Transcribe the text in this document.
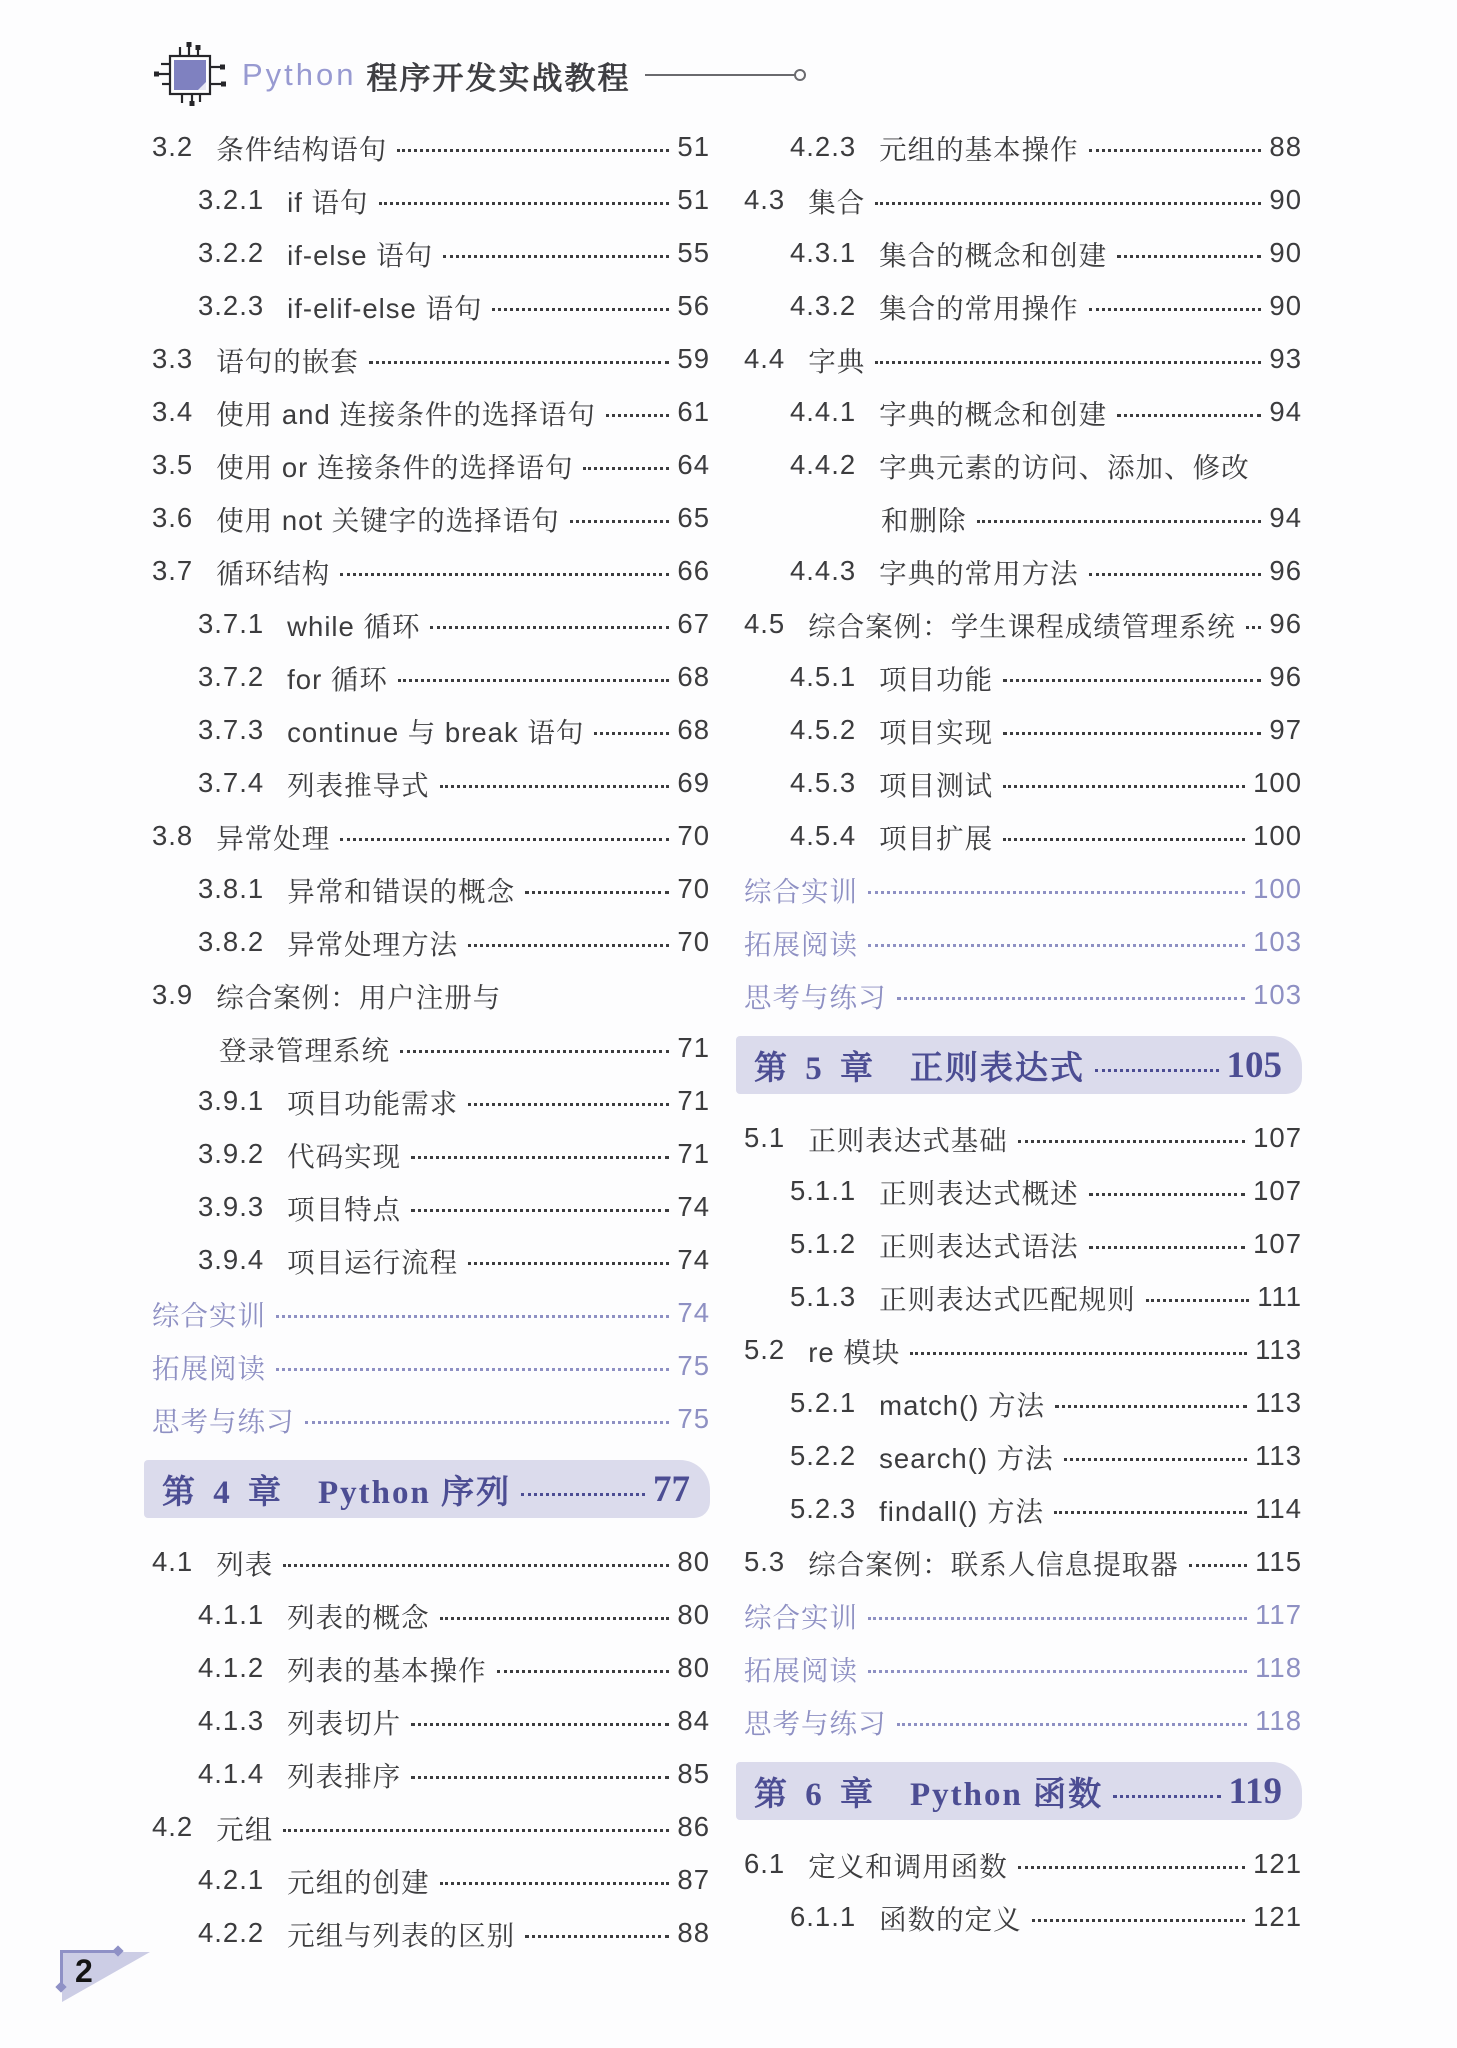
Python 程序开发实战教程
3.2 条件结构语句	51
3.2.1 if 语句	51
3.2.2 if-else 语句	55
3.2.3 if-elif-else 语句	56
3.3 语句的嵌套	59
3.4 使用 and 连接条件的选择语句	61
3.5 使用 or 连接条件的选择语句	64
3.6 使用 not 关键字的选择语句	65
3.7 循环结构	66
3.7.1 while 循环	67
3.7.2 for 循环	68
3.7.3 continue 与 break 语句	68
3.7.4 列表推导式	69
3.8 异常处理	70
3.8.1 异常和错误的概念	70
3.8.2 异常处理方法	70
3.9 综合案例：用户注册与
登录管理系统	71
3.9.1 项目功能需求	71
3.9.2 代码实现	71
3.9.3 项目特点	74
3.9.4 项目运行流程	74
综合实训	74
拓展阅读	75
思考与练习	75
第 4 章 Python 序列	77
4.1 列表	80
4.1.1 列表的概念	80
4.1.2 列表的基本操作	80
4.1.3 列表切片	84
4.1.4 列表排序	85
4.2 元组	86
4.2.1 元组的创建	87
4.2.2 元组与列表的区别	88
4.2.3 元组的基本操作	88
4.3 集合	90
4.3.1 集合的概念和创建	90
4.3.2 集合的常用操作	90
4.4 字典	93
4.4.1 字典的概念和创建	94
4.4.2 字典元素的访问、添加、修改
和删除	94
4.4.3 字典的常用方法	96
4.5 综合案例：学生课程成绩管理系统 96
4.5.1 项目功能	96
4.5.2 项目实现	97
4.5.3 项目测试	100
4.5.4 项目扩展	100
综合实训	100
拓展阅读	103
思考与练习	103
第 5 章 正则表达式	105
5.1 正则表达式基础	107
5.1.1 正则表达式概述	107
5.1.2 正则表达式语法	107
5.1.3 正则表达式匹配规则	111
5.2 re 模块	113
5.2.1 match() 方法	113
5.2.2 search() 方法	113
5.2.3 findall() 方法	114
5.3 综合案例：联系人信息提取器	115
综合实训	117
拓展阅读	118
思考与练习	118
第 6 章 Python 函数	119
6.1 定义和调用函数	121
6.1.1 函数的定义	121
2
